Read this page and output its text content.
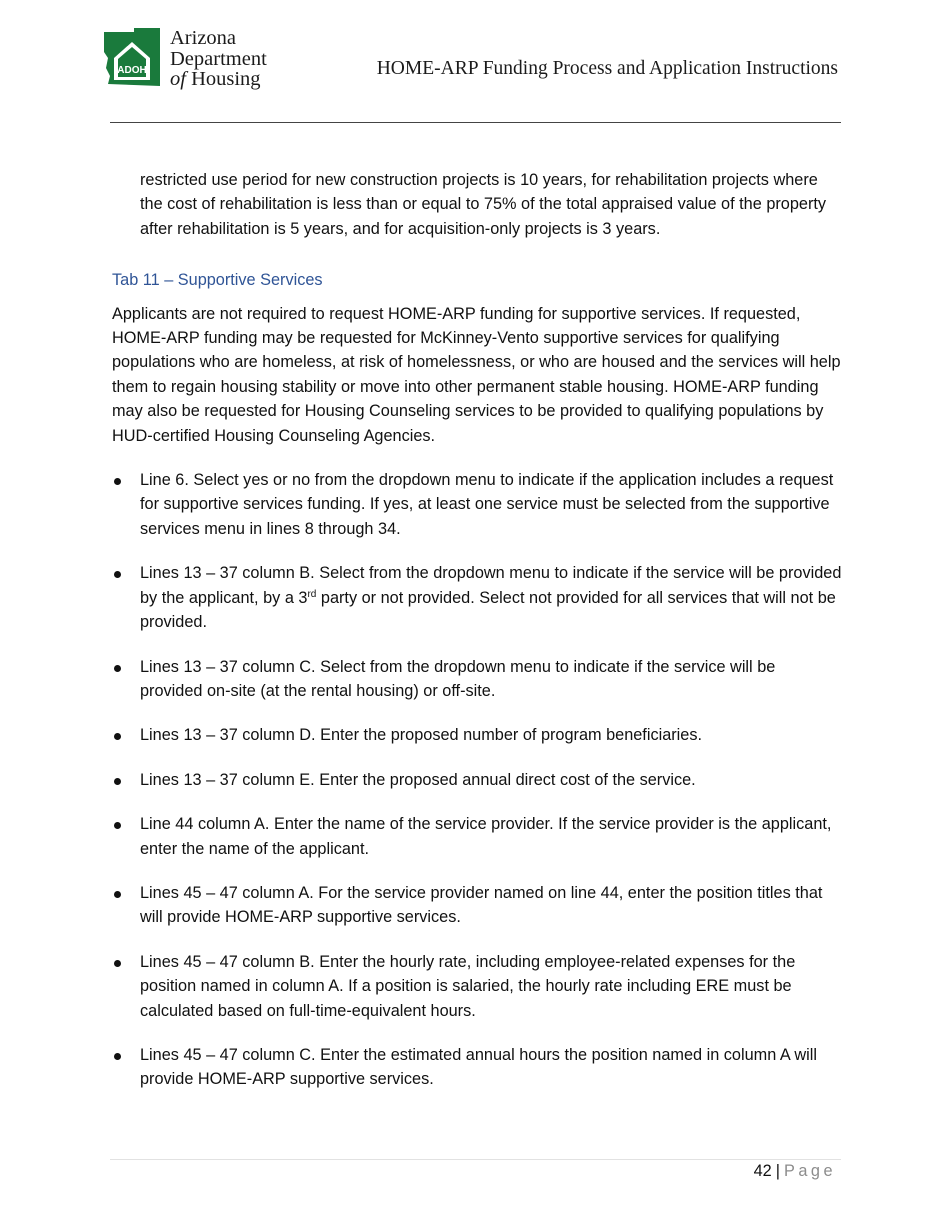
ADOH
Arizona
Department
of Housing	HOME-ARP Funding Process and Application Instructions
restricted use period for new construction projects is 10 years, for rehabilitation projects where the cost of rehabilitation is less than or equal to 75% of the total appraised value of the property after rehabilitation is 5 years, and for acquisition-only projects is 3 years.
Tab 11 – Supportive Services
Applicants are not required to request HOME-ARP funding for supportive services. If requested, HOME-ARP funding may be requested for McKinney-Vento supportive services for qualifying populations who are homeless, at risk of homelessness, or who are housed and the services will help them to regain housing stability or move into other permanent stable housing. HOME-ARP funding may also be requested for Housing Counseling services to be provided to qualifying populations by HUD-certified Housing Counseling Agencies.
Line 6. Select yes or no from the dropdown menu to indicate if the application includes a request for supportive services funding. If yes, at least one service must be selected from the supportive services menu in lines 8 through 34.
Lines 13 – 37 column B. Select from the dropdown menu to indicate if the service will be provided by the applicant, by a 3rd party or not provided. Select not provided for all services that will not be provided.
Lines 13 – 37 column C. Select from the dropdown menu to indicate if the service will be provided on-site (at the rental housing) or off-site.
Lines 13 – 37 column D. Enter the proposed number of program beneficiaries.
Lines 13 – 37 column E. Enter the proposed annual direct cost of the service.
Line 44 column A. Enter the name of the service provider. If the service provider is the applicant, enter the name of the applicant.
Lines 45 – 47 column A. For the service provider named on line 44, enter the position titles that will provide HOME-ARP supportive services.
Lines 45 – 47 column B. Enter the hourly rate, including employee-related expenses for the position named in column A. If a position is salaried, the hourly rate including ERE must be calculated based on full-time-equivalent hours.
Lines 45 – 47 column C. Enter the estimated annual hours the position named in column A will provide HOME-ARP supportive services.
42 | Page
